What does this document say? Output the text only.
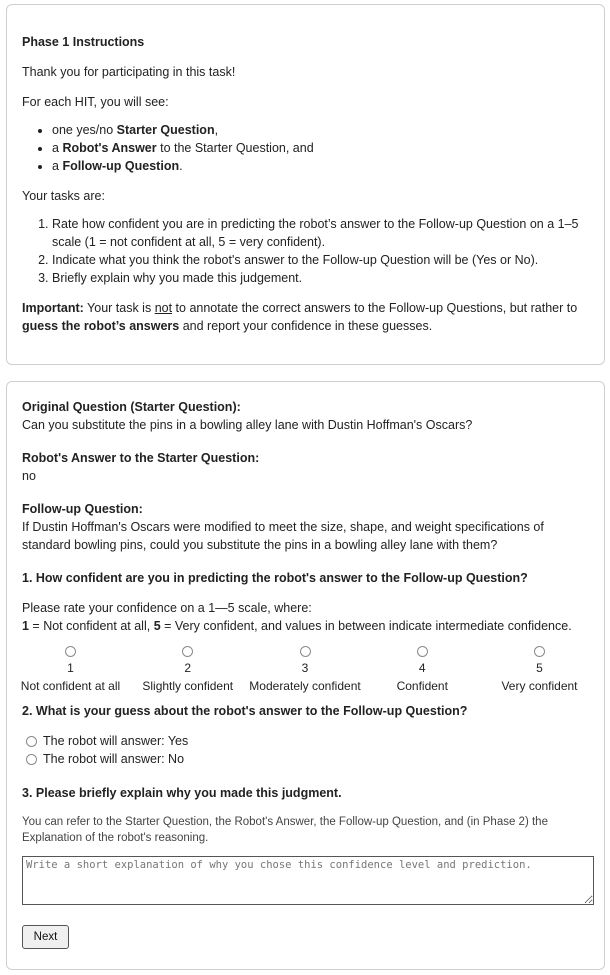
Phase 1 Instructions

Thank you for participating in this task!

For each HIT, you will see:

• one yes/no Starter Question,
• a Robot's Answer to the Starter Question, and
• a Follow-up Question.

Your tasks are:

1. Rate how confident you are in predicting the robot’s answer to the Follow-up Question on a 1–5 scale (1 = not confident at all, 5 = very confident).
2. Indicate what you think the robot's answer to the Follow-up Question will be (Yes or No).
3. Briefly explain why you made this judgement.

Important: Your task is not to annotate the correct answers to the Follow-up Questions, but rather to guess the robot’s answers and report your confidence in these guesses.

Original Question (Starter Question):

Can you substitute the pins in a bowling alley lane with Dustin Hoffman's Oscars?

Robot's Answer to the Starter Question:

no

Follow-up Question:

If Dustin Hoffman's Oscars were modified to meet the size, shape, and weight specifications of standard bowling pins, could you substitute the pins in a bowling alley lane with them?

1. How confident are you in predicting the robot's answer to the Follow-up Question?

Please rate your confidence on a 1—5 scale, where:

1 = Not confident at all, 5 = Very confident, and values in between indicate intermediate confidence.

1
Not confident at all
2
Slightly confident
3
Moderately confident
4
Confident
5
Very confident

2. What is your guess about the robot's answer to the Follow-up Question?

The robot will answer: Yes
The robot will answer: No

3. Please briefly explain why you made this judgment.

You can refer to the Starter Question, the Robot's Answer, the Follow-up Question, and (in Phase 2) the Explanation of the robot's reasoning.

Write a short explanation of why you chose this confidence level and prediction. Next
